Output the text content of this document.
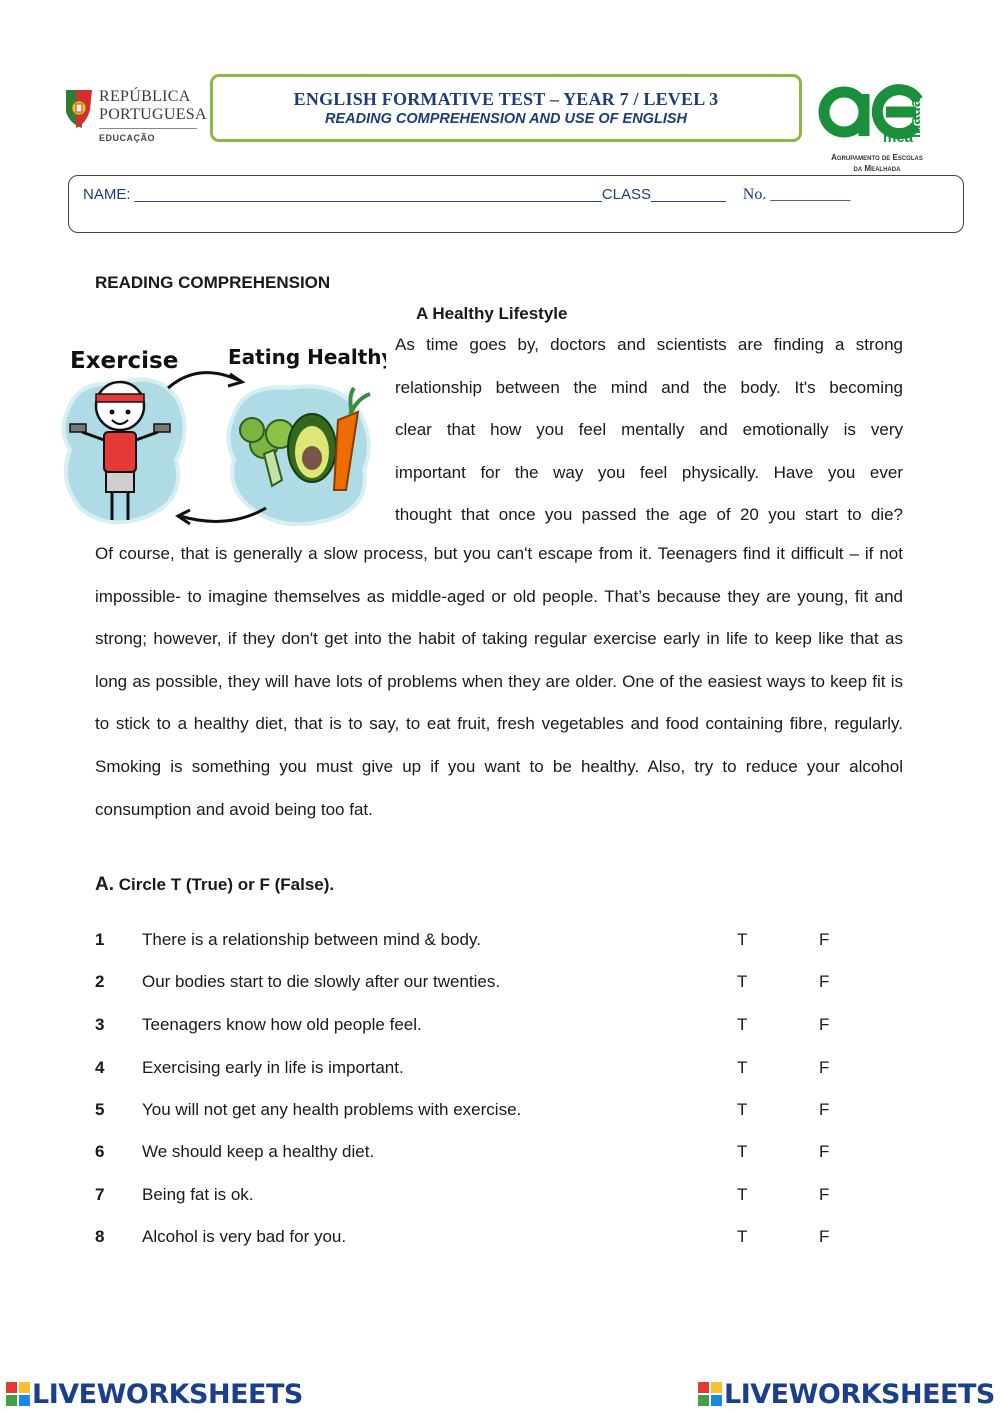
REPÚBLICA
PORTUGUESA
EDUCAÇÃO
ENGLISH FORMATIVE TEST – YEAR 7 / LEVEL 3
READING COMPREHENSION AND USE OF ENGLISH
mea
lhada
Agrupamento de Escolas
da Mealhada
NAME: ________________________________________________________CLASS_________ No. __________
READING COMPREHENSION
A Healthy Lifestyle
Exercise Eating Healthy
As time goes by, doctors and scientists are finding a strong
relationship between the mind and the body. It's becoming
clear that how you feel mentally and emotionally is very
important for the way you feel physically. Have you ever
thought that once you passed the age of 20 you start to die?
Of course, that is generally a slow process, but you can't escape from it. Teenagers find it difficult – if not impossible- to imagine themselves as middle-aged or old people. That’s because they are young, fit and strong; however, if they don't get into the habit of taking regular exercise early in life to keep like that as long as possible, they will have lots of problems when they are older. One of the easiest ways to keep fit is to stick to a healthy diet, that is to say, to eat fruit, fresh vegetables and food containing fibre, regularly. Smoking is something you must give up if you want to be healthy. Also, try to reduce your alcohol consumption and avoid being too fat.
A. Circle T (True) or F (False).
1 There is a relationship between mind & body.	T	F
2 Our bodies start to die slowly after our twenties.	T	F
3 Teenagers know how old people feel.	T	F
4 Exercising early in life is important.	T	F
5 You will not get any health problems with exercise.	T	F
6 We should keep a healthy diet.	T	F
7 Being fat is ok.	T	F
8 Alcohol is very bad for you.	T	F
LIVEWORKSHEETS	LIVEWORKSHEETS
